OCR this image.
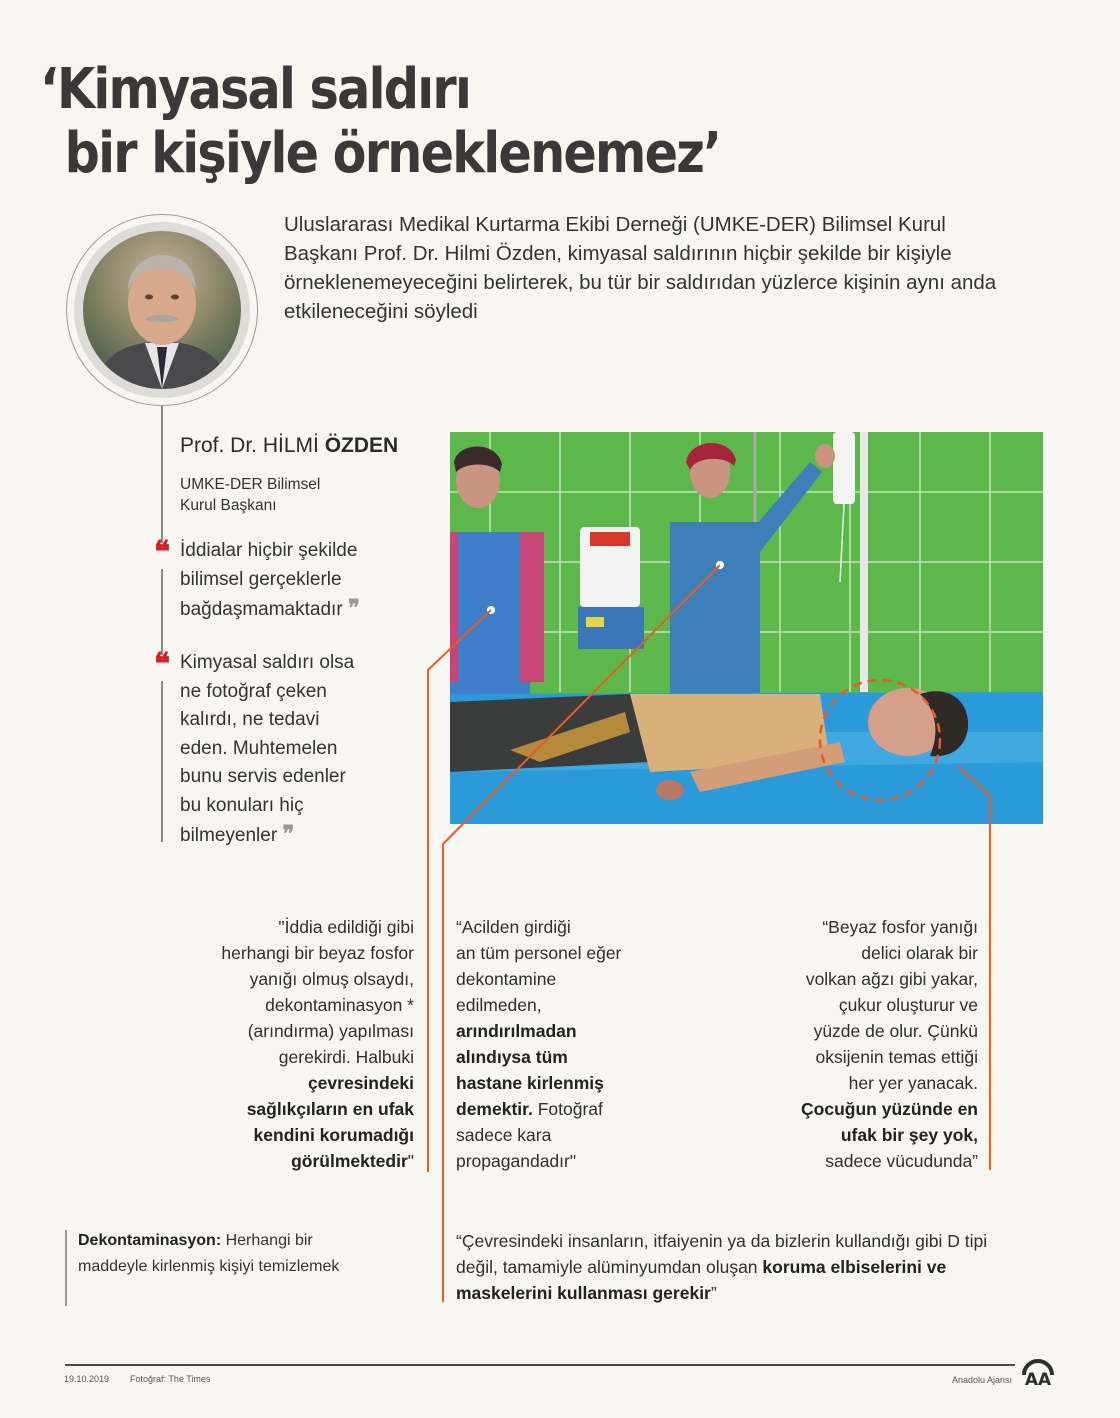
‘Kimyasal saldırı
bir kişiyle örneklenemez’
Uluslararası Medikal Kurtarma Ekibi Derneği (UMKE-DER) Bilimsel Kurul Başkanı Prof. Dr. Hilmi Özden, kimyasal saldırının hiçbir şekilde bir kişiyle örneklenemeyeceğini belirterek, bu tür bir saldırıdan yüzlerce kişinin aynı anda etkileneceğini söyledi
Prof. Dr. HİLMİ ÖZDEN
UMKE-DER Bilimsel
Kurul Başkanı
❝ İddialar hiçbir şekilde
bilimsel gerçeklerle
bağdaşmamaktadır ❞
❝ Kimyasal saldırı olsa
ne fotoğraf çeken
kalırdı, ne tedavi
eden. Muhtemelen
bunu servis edenler
bu konuları hiç
bilmeyenler ❞
"İddia edildiği gibi
herhangi bir beyaz fosfor
yanığı olmuş olsaydı,
dekontaminasyon *
(arındırma) yapılması
gerekirdi. Halbuki
çevresindeki
sağlıkçıların en ufak
kendini korumadığı
görülmektedir"
“Acilden girdiği
an tüm personel eğer
dekontamine
edilmeden,
arındırılmadan
alındıysa tüm
hastane kirlenmiş
demektir. Fotoğraf
sadece kara
propagandadır"
“Beyaz fosfor yanığı
delici olarak bir
volkan ağzı gibi yakar,
çukur oluşturur ve
yüzde de olur. Çünkü
oksijenin temas ettiği
her yer yanacak.
Çocuğun yüzünde en
ufak bir şey yok,
sadece vücudunda”
Dekontaminasyon: Herhangi bir maddeyle kirlenmiş kişiyi temizlemek
“Çevresindeki insanların, itfaiyenin ya da bizlerin kullandığı gibi D tipi değil, tamamiyle alüminyumdan oluşan koruma elbiselerini ve maskelerini kullanması gerekir”
19.10.2019 Fotoğraf: The Times	Anadolu Ajansı AA
